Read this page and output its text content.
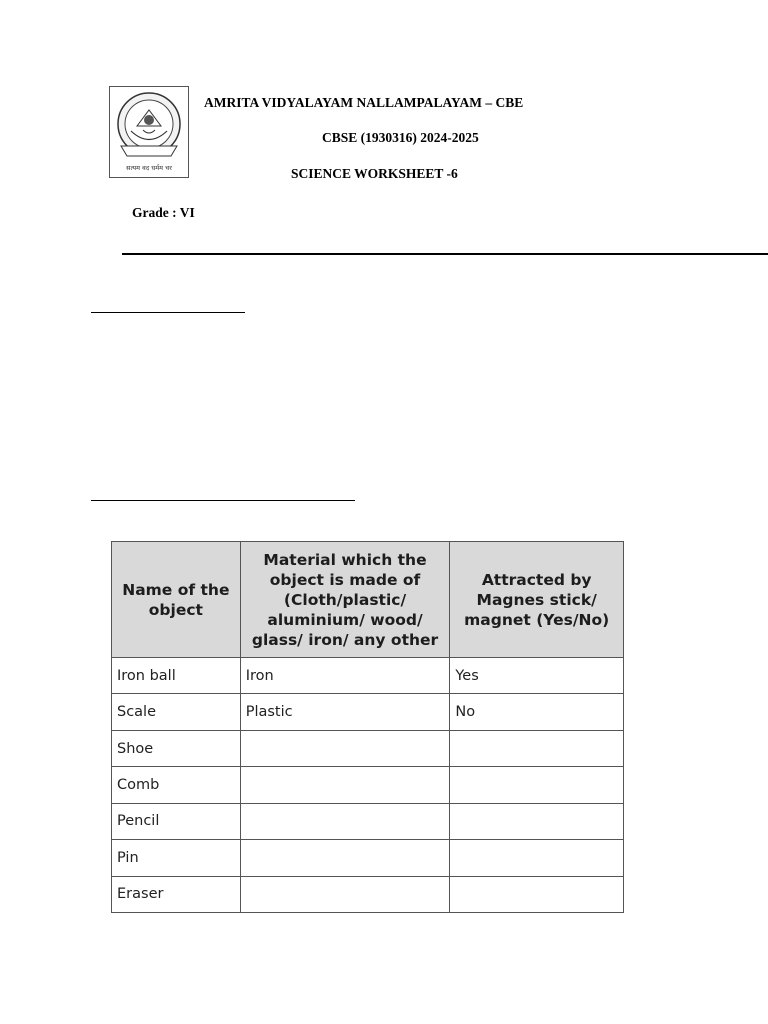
सत्यम वद धर्मम चर
AMRITA VIDYALAYAM NALLAMPALAYAM – CBE
CBSE (1930316) 2024-2025
SCIENCE WORKSHEET -6
Grade : VI
Name of the object	Material which the object is made of (Cloth/plastic/ aluminium/ wood/ glass/ iron/ any other	Attracted by Magnes stick/ magnet (Yes/No)
Iron ball	Iron	Yes
Scale	Plastic	No
Shoe		
Comb		
Pencil		
Pin		
Eraser		
